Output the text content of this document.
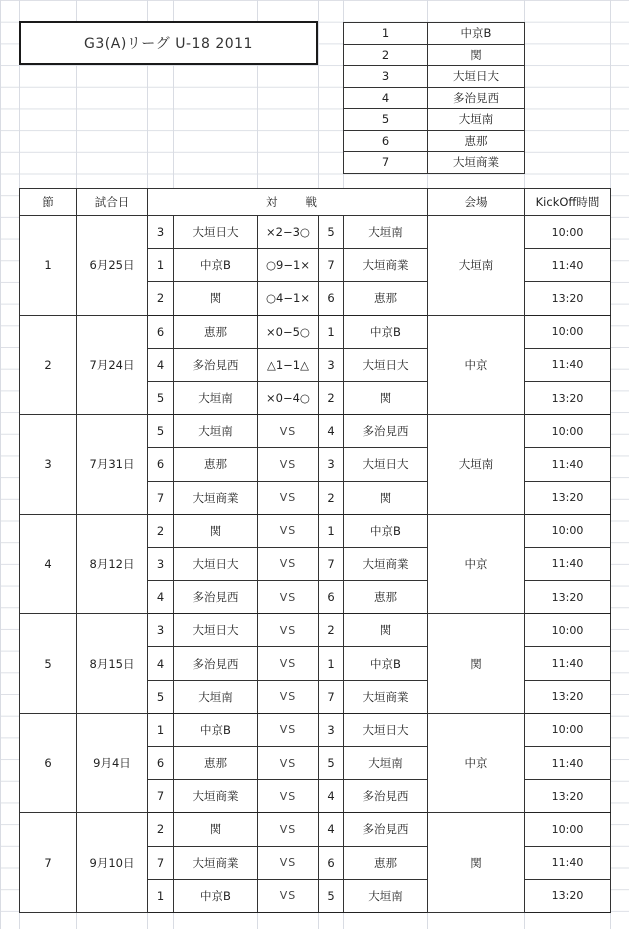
G3(A)リーグ U-18 2011
1	中京B
2	関
3	大垣日大
4	多治見西
5	大垣南
6	恵那
7	大垣商業
節	試合日	対 戦					会場	KickOff時間
1	6月25日	3	大垣日大	×2−3○	5	大垣南	大垣南	10:00
		1	中京B	○9−1×	7	大垣商業		11:40
		2	関	○4−1×	6	恵那		13:20
2	7月24日	6	恵那	×0−5○	1	中京B	中京	10:00
		4	多治見西	△1−1△	3	大垣日大		11:40
		5	大垣南	×0−4○	2	関		13:20
3	7月31日	5	大垣南	VS	4	多治見西	大垣南	10:00
		6	恵那	VS	3	大垣日大		11:40
		7	大垣商業	VS	2	関		13:20
4	8月12日	2	関	VS	1	中京B	中京	10:00
		3	大垣日大	VS	7	大垣商業		11:40
		4	多治見西	VS	6	恵那		13:20
5	8月15日	3	大垣日大	VS	2	関	関	10:00
		4	多治見西	VS	1	中京B		11:40
		5	大垣南	VS	7	大垣商業		13:20
6	9月4日	1	中京B	VS	3	大垣日大	中京	10:00
		6	恵那	VS	5	大垣南		11:40
		7	大垣商業	VS	4	多治見西		13:20
7	9月10日	2	関	VS	4	多治見西	関	10:00
		7	大垣商業	VS	6	恵那		11:40
		1	中京B	VS	5	大垣南		13:20
